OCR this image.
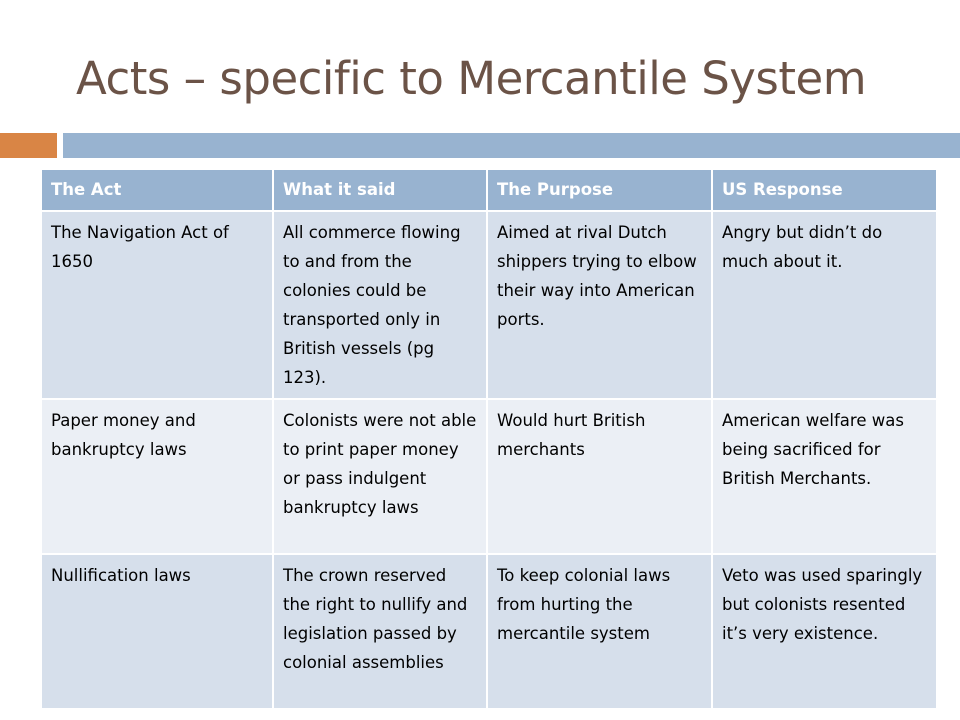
Acts – specific to Mercantile System
The Act	What it said	The Purpose	US Response
The Navigation Act of 1650	All commerce flowing to and from the colonies could be transported only in British vessels (pg 123).	Aimed at rival Dutch shippers trying to elbow their way into American ports.	Angry but didn’t do much about it.
Paper money and bankruptcy laws	Colonists were not able to print paper money or pass indulgent bankruptcy laws	Would hurt British merchants	American welfare was being sacrificed for British Merchants.
Nullification laws	The crown reserved the right to nullify and legislation passed by colonial assemblies	To keep colonial laws from hurting the mercantile system	Veto was used sparingly but colonists resented it’s very existence.
